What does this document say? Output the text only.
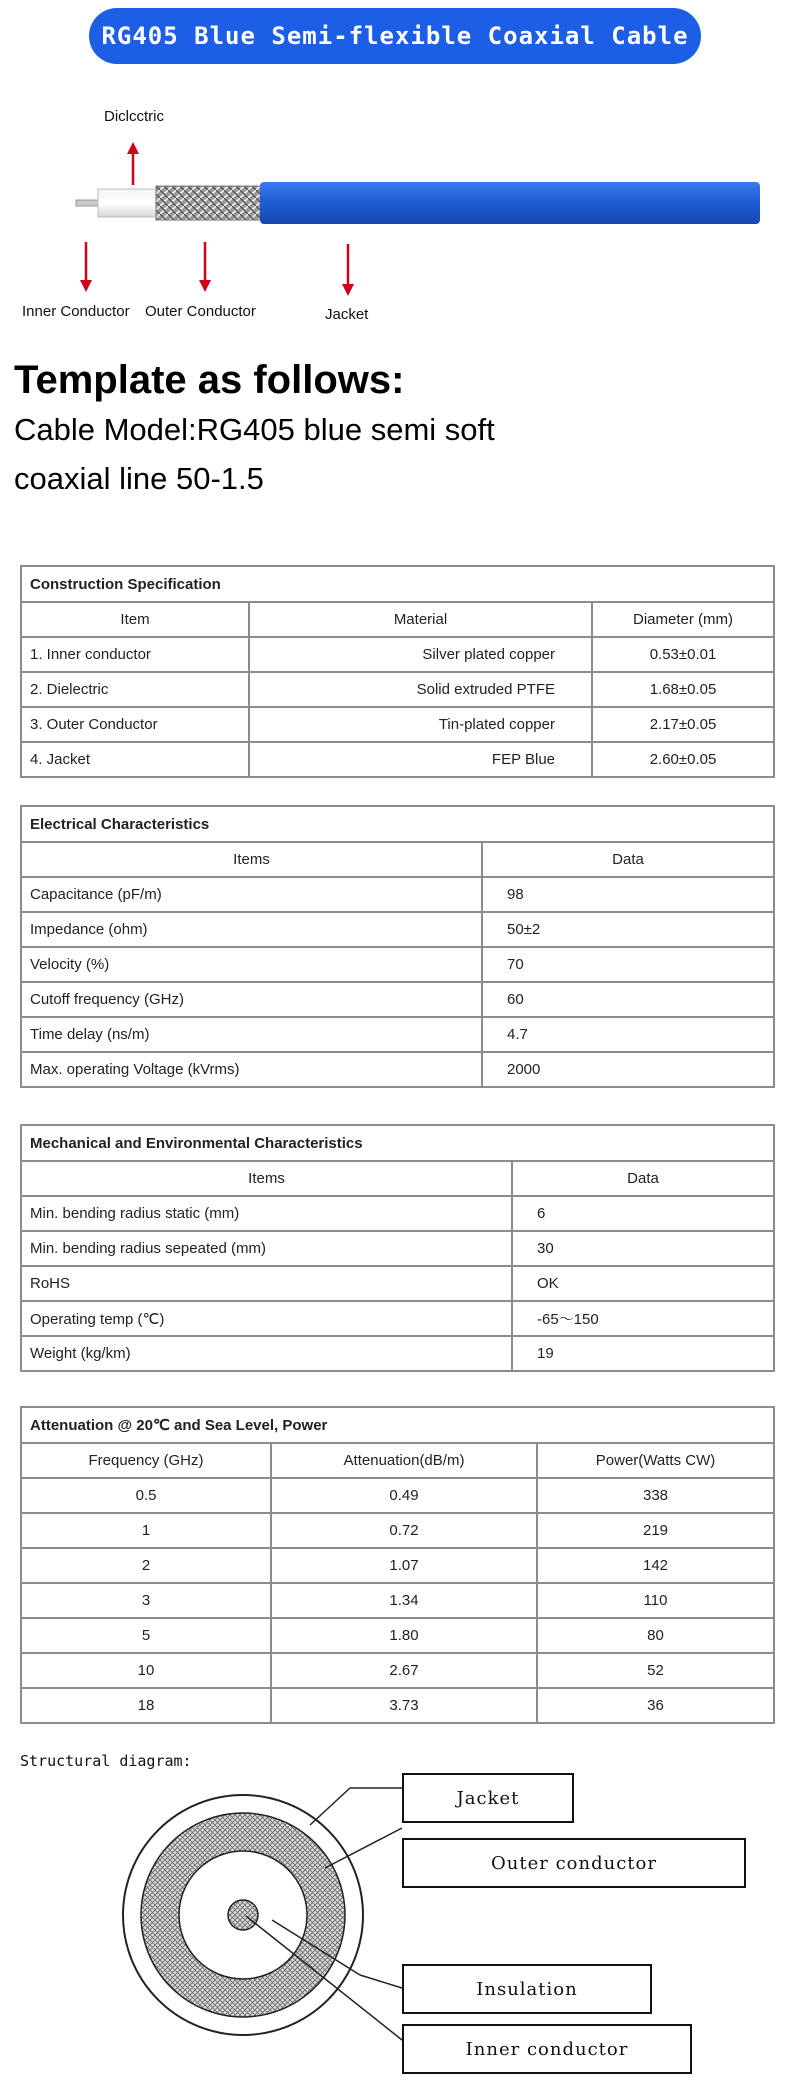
RG405 Blue Semi-flexible Coaxial Cable
Diclcctric
Inner Conductor Outer Conductor	Jacket
Template as follows:
Cable Model:RG405 blue semi soft
coaxial line 50-1.5
Construction Specification		
Item	Material	Diameter (mm)
1. Inner conductor	Silver plated copper	0.53±0.01
2. Dielectric	Solid extruded PTFE	1.68±0.05
3. Outer Conductor	Tin-plated copper	2.17±0.05
4. Jacket	FEP Blue	2.60±0.05
Electrical Characteristics	
Items	Data
Capacitance (pF/m)	98
Impedance (ohm)	50±2
Velocity (%)	70
Cutoff frequency (GHz)	60
Time delay (ns/m)	4.7
Max. operating Voltage (kVrms)	2000
Mechanical and Environmental Characteristics	
Items	Data
Min. bending radius static (mm)	6
Min. bending radius sepeated (mm)	30
RoHS	OK
Operating temp (℃)	-65～150
Weight (kg/km)	19
Attenuation @ 20℃ and Sea Level, Power		
Frequency (GHz)	Attenuation(dB/m)	Power(Watts CW)
0.5	0.49	338
1	0.72	219
2	1.07	142
3	1.34	110
5	1.80	80
10	2.67	52
18	3.73	36
Structural diagram:
Jacket
Outer conductor
Insulation
Inner conductor
